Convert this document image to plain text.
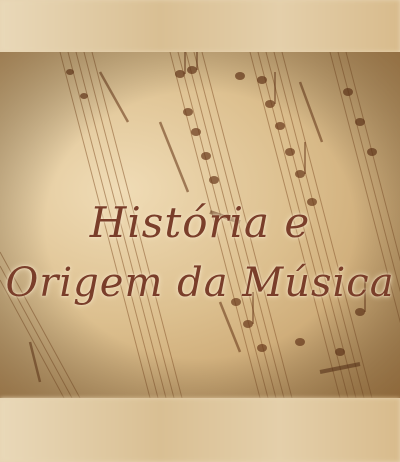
História e
Origem da Música
